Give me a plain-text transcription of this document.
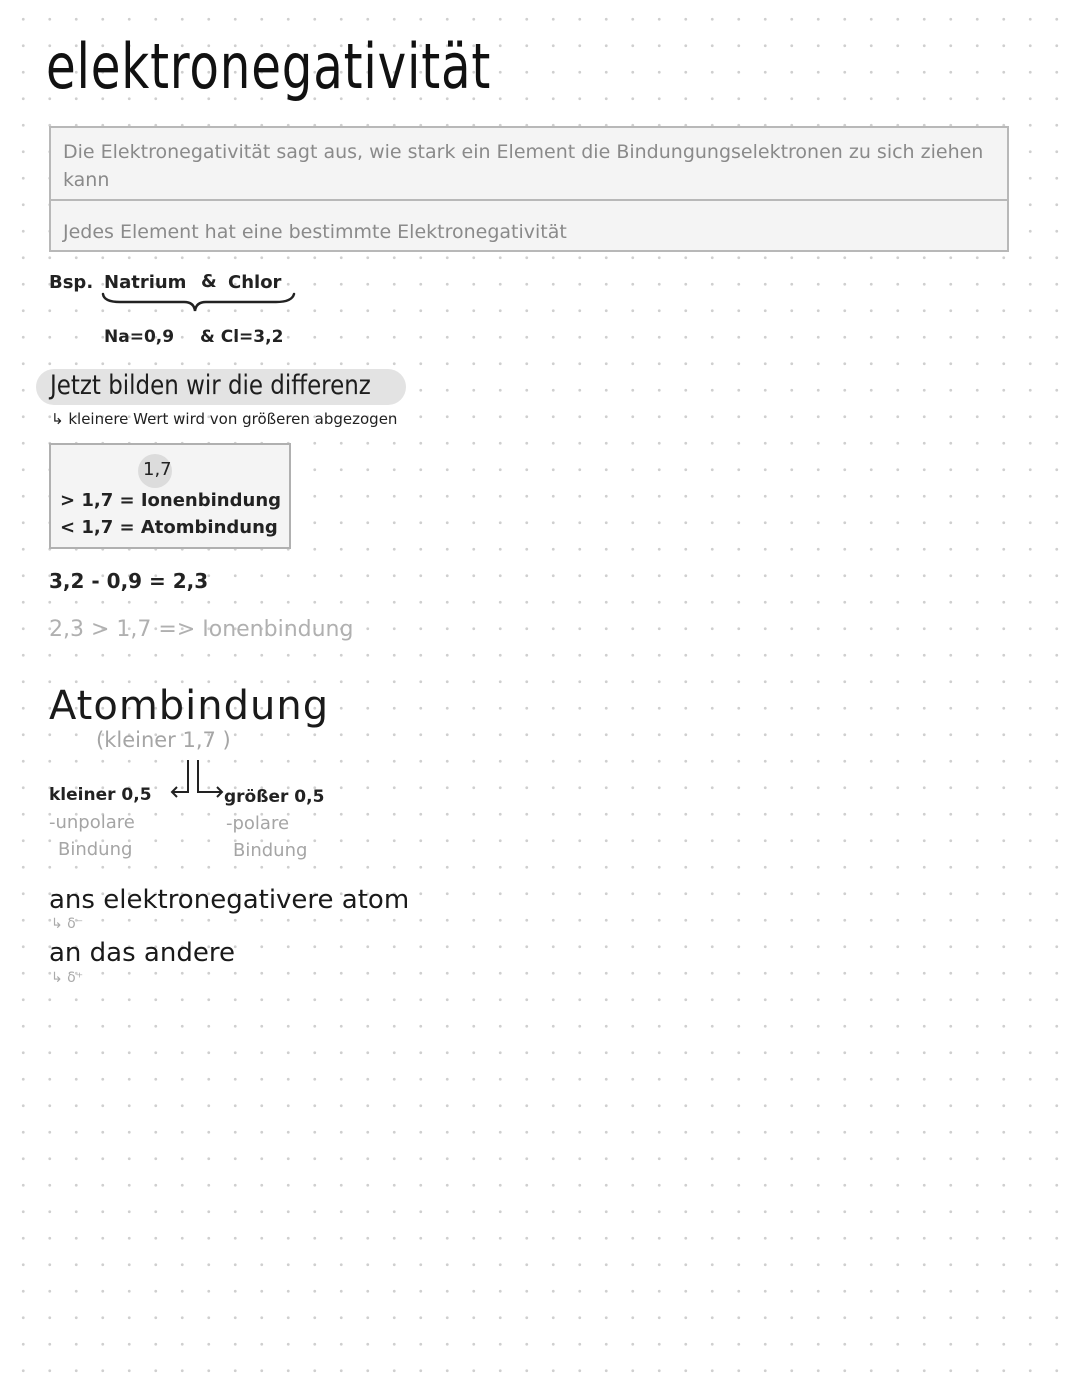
elektronegativität
Die Elektronegativität sagt aus, wie stark ein Element die Bindungungselektronen zu sich ziehen kann
Jedes Element hat eine bestimmte Elektronegativität
Bsp. Natrium & Chlor
Na=0,9 & Cl=3,2
Jetzt bilden wir die differenz
↳ kleinere Wert wird von größeren abgezogen
1,7
> 1,7 = Ionenbindung
< 1,7 = Atombindung
3,2 - 0,9 = 2,3
2,3 > 1,7 => Ionenbindung
Atombindung
(kleiner 1,7 )
kleiner 0,5	größer 0,5
-unpolare
Bindung
-polare
Bindung
ans elektronegativere atom
↳ δ⁻
an das andere
↳ δ⁺
